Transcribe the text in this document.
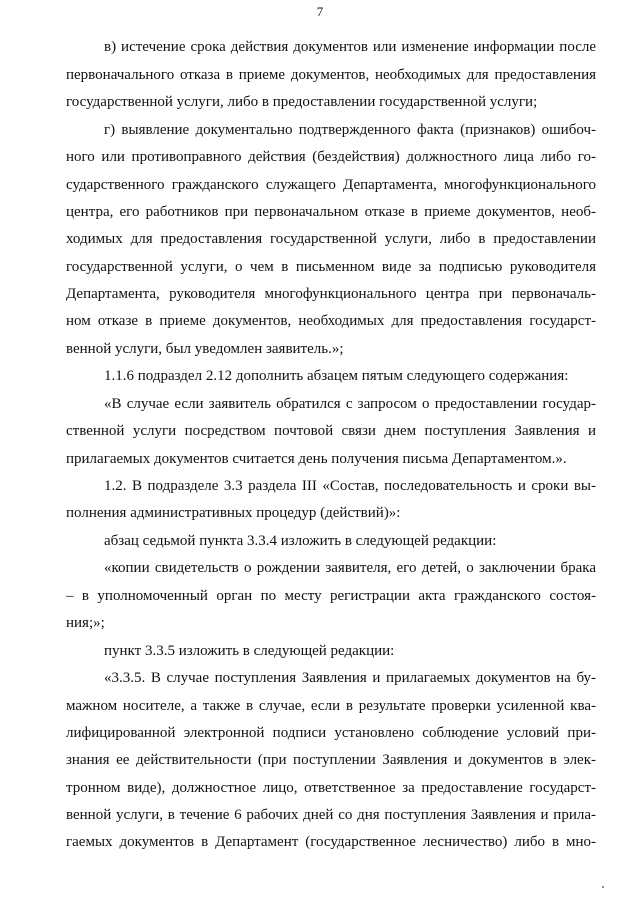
7
в) истечение срока действия документов или изменение информации после
первоначального отказа в приеме документов, необходимых для предоставления
государственной услуги, либо в предоставлении государственной услуги;
г) выявление документально подтвержденного факта (признаков) ошибоч-
ного или противоправного действия (бездействия) должностного лица либо го-
сударственного гражданского служащего Департамента, многофункционального
центра, его работников при первоначальном отказе в приеме документов, необ-
ходимых для предоставления государственной услуги, либо в предоставлении
государственной услуги, о чем в письменном виде за подписью руководителя
Департамента, руководителя многофункционального центра при первоначаль-
ном отказе в приеме документов, необходимых для предоставления государст-
венной услуги, был уведомлен заявитель.»;
1.1.6 подраздел 2.12 дополнить абзацем пятым следующего содержания:
«В случае если заявитель обратился с запросом о предоставлении государ-
ственной услуги посредством почтовой связи днем поступления Заявления и
прилагаемых документов считается день получения письма Департаментом.».
1.2. В подразделе 3.3 раздела III «Состав, последовательность и сроки вы-
полнения административных процедур (действий)»:
абзац седьмой пункта 3.3.4 изложить в следующей редакции:
«копии свидетельств о рождении заявителя, его детей, о заключении брака
– в уполномоченный орган по месту регистрации акта гражданского состоя-
ния;»;
пункт 3.3.5 изложить в следующей редакции:
«3.3.5. В случае поступления Заявления и прилагаемых документов на бу-
мажном носителе, а также в случае, если в результате проверки усиленной ква-
лифицированной электронной подписи установлено соблюдение условий при-
знания ее действительности (при поступлении Заявления и документов в элек-
тронном виде), должностное лицо, ответственное за предоставление государст-
венной услуги, в течение 6 рабочих дней со дня поступления Заявления и прила-
гаемых документов в Департамент (государственное лесничество) либо в мно-
